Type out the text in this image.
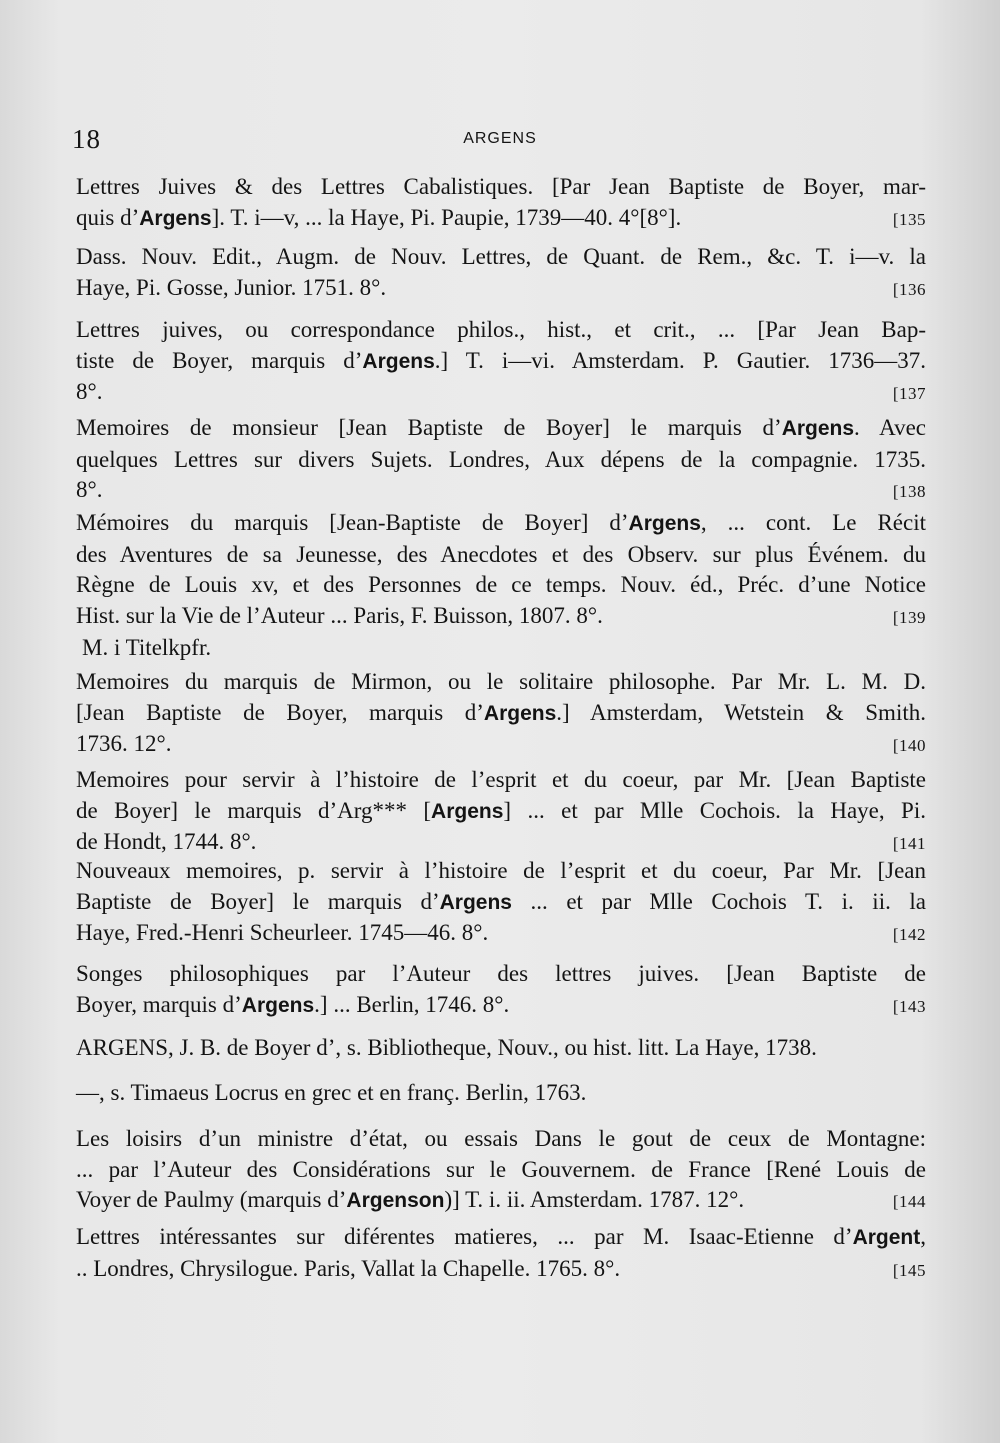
18	ARGENS
Lettres Juives & des Lettres Cabalistiques. [Par Jean Baptiste de Boyer, mar-
quis d’Argens]. T. i—v, ... la Haye, Pi. Paupie, 1739—40. 4°[8°].	[135
Dass. Nouv. Edit., Augm. de Nouv. Lettres, de Quant. de Rem., &c. T. i—v. la
Haye, Pi. Gosse, Junior. 1751. 8°.	[136
Lettres juives, ou correspondance philos., hist., et crit., ... [Par Jean Bap-
tiste de Boyer, marquis d’Argens.] T. i—vi. Amsterdam. P. Gautier. 1736—37.
8°.	[137
Memoires de monsieur [Jean Baptiste de Boyer] le marquis d’Argens. Avec
quelques Lettres sur divers Sujets. Londres, Aux dépens de la compagnie. 1735.
8°.	[138
Mémoires du marquis [Jean-Baptiste de Boyer] d’Argens, ... cont. Le Récit
des Aventures de sa Jeunesse, des Anecdotes et des Observ. sur plus Événem. du
Règne de Louis xv, et des Personnes de ce temps. Nouv. éd., Préc. d’une Notice
Hist. sur la Vie de l’Auteur ... Paris, F. Buisson, 1807. 8°.	[139
M. i Titelkpfr.
Memoires du marquis de Mirmon, ou le solitaire philosophe. Par Mr. L. M. D.
[Jean Baptiste de Boyer, marquis d’Argens.] Amsterdam, Wetstein & Smith.
1736. 12°.	[140
Memoires pour servir à l’histoire de l’esprit et du coeur, par Mr. [Jean Baptiste
de Boyer] le marquis d’Arg*** [Argens] ... et par Mlle Cochois. la Haye, Pi.
de Hondt, 1744. 8°.	[141
Nouveaux memoires, p. servir à l’histoire de l’esprit et du coeur, Par Mr. [Jean
Baptiste de Boyer] le marquis d’Argens ... et par Mlle Cochois T. i. ii. la
Haye, Fred.-Henri Scheurleer. 1745—46. 8°.	[142
Songes philosophiques par l’Auteur des lettres juives. [Jean Baptiste de
Boyer, marquis d’Argens.] ... Berlin, 1746. 8°.	[143
ARGENS, J. B. de Boyer d’, s. Bibliotheque, Nouv., ou hist. litt. La Haye, 1738.
—, s. Timaeus Locrus en grec et en franç. Berlin, 1763.
Les loisirs d’un ministre d’état, ou essais Dans le gout de ceux de Montagne:
... par l’Auteur des Considérations sur le Gouvernem. de France [René Louis de
Voyer de Paulmy (marquis d’Argenson)] T. i. ii. Amsterdam. 1787. 12°.	[144
Lettres intéressantes sur diférentes matieres, ... par M. Isaac-Etienne d’Argent,
.. Londres, Chrysilogue. Paris, Vallat la Chapelle. 1765. 8°.	[145
